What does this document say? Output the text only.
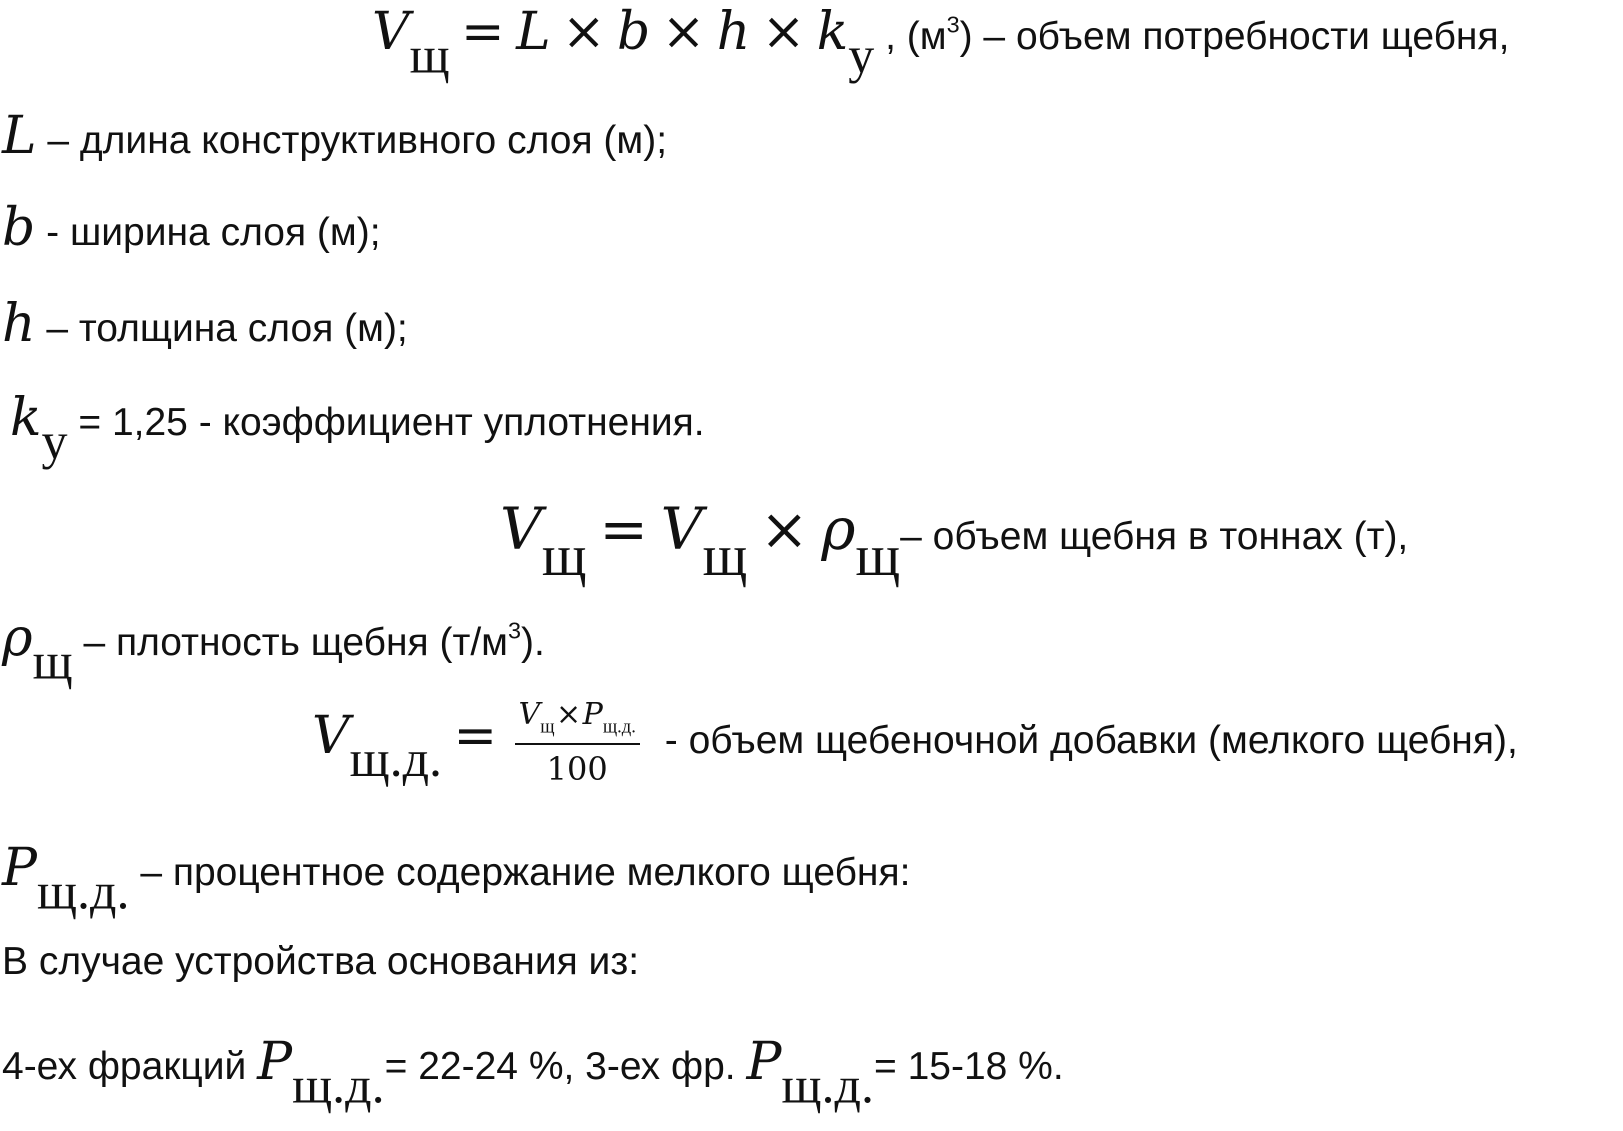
Vщ = L × b × h × kу , $(м^3)$ – объем потребности щебня,
L – длина конструктивного слоя (м);
b - ширина слоя (м);
h – толщина слоя (м);
kу = 1,25 - коэффициент уплотнения.
Vщ = Vщ × ρщ– объем щебня в тоннах (т),
ρщ – плотность щебня $(т/м^3)$.
Vщ.д. = $\frac{V_щ\times P_{щ.д.}}{100}$ - объем щебеночной добавки (мелкого щебня),
Pщ.д. – процентное содержание мелкого щебня:
В случае устройства основания из:
4-ех фракций Pщ.д.= 22-24 %, 3-ех фр. Pщ.д.= 15-18 %.
